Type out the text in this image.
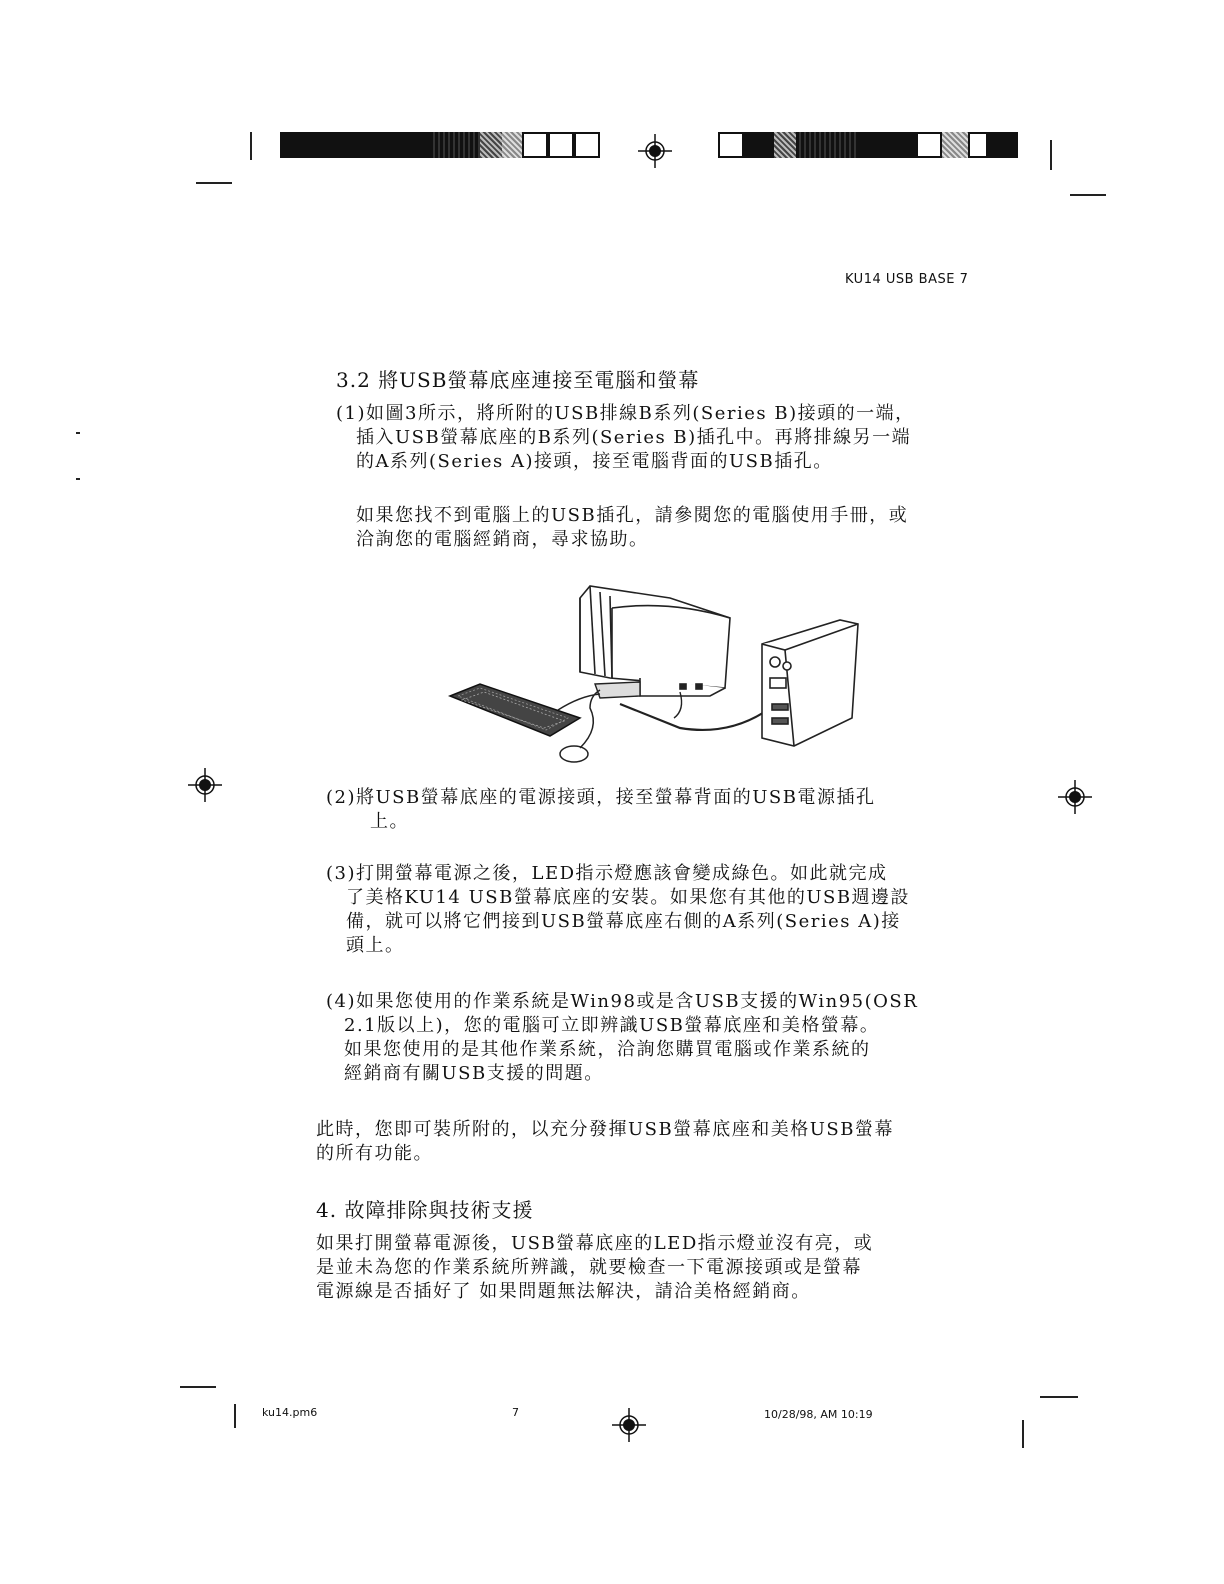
KU14 USB BASE 7
3.2 將USB螢幕底座連接至電腦和螢幕
(1)如圖3所示，將所附的USB排線B系列(Series B)接頭的一端，
插入USB螢幕底座的B系列(Series B)插孔中。再將排線另一端
的A系列(Series A)接頭，接至電腦背面的USB插孔。
如果您找不到電腦上的USB插孔，請參閱您的電腦使用手冊，或
洽詢您的電腦經銷商，尋求協助。
(2)將USB螢幕底座的電源接頭，接至螢幕背面的USB電源插孔
上。
(3)打開螢幕電源之後，LED指示燈應該會變成綠色。如此就完成
了美格KU14 USB螢幕底座的安裝。如果您有其他的USB週邊設
備，就可以將它們接到USB螢幕底座右側的A系列(Series A)接
頭上。
(4)如果您使用的作業系統是Win98或是含USB支援的Win95(OSR
2.1版以上)，您的電腦可立即辨識USB螢幕底座和美格螢幕。
如果您使用的是其他作業系統，洽詢您購買電腦或作業系統的
經銷商有關USB支援的問題。
此時，您即可裝所附的，以充分發揮USB螢幕底座和美格USB螢幕
的所有功能。
4. 故障排除與技術支援
如果打開螢幕電源後，USB螢幕底座的LED指示燈並沒有亮，或
是並未為您的作業系統所辨識，就要檢查一下電源接頭或是螢幕
電源線是否插好了 如果問題無法解決，請洽美格經銷商。
ku14.pm6	7	10/28/98, AM 10:19
